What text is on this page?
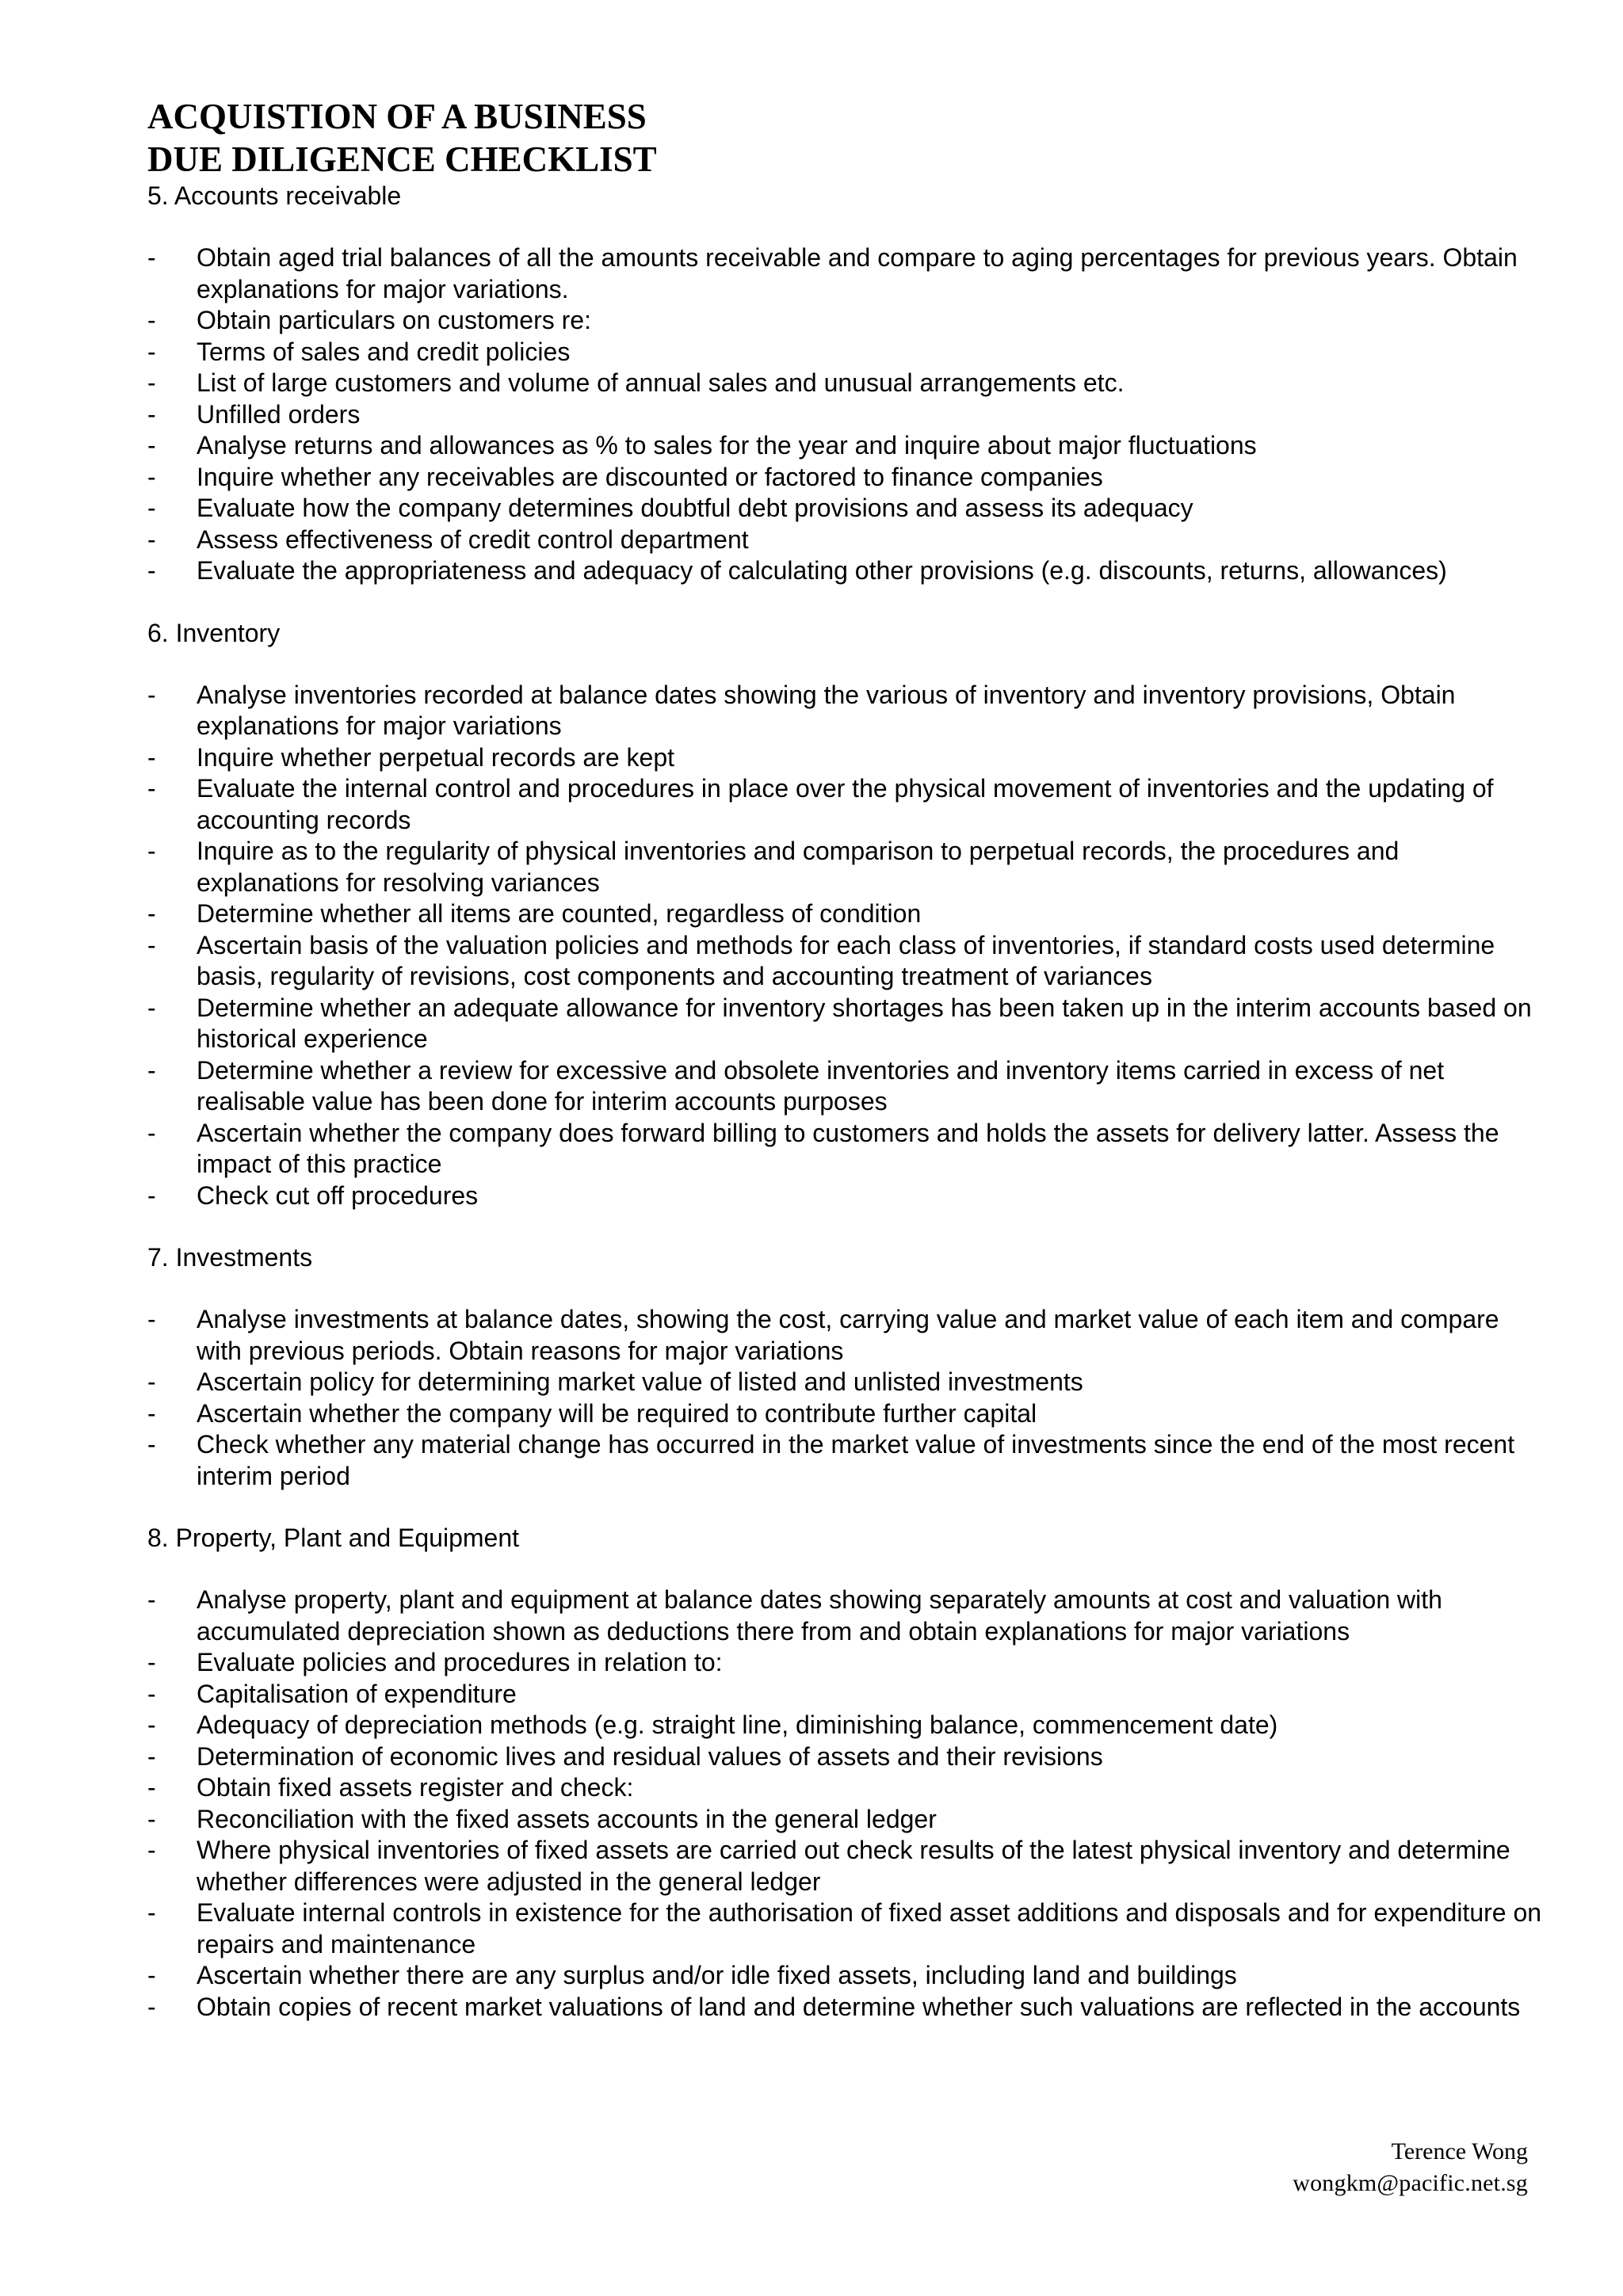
ACQUISTION OF A BUSINESS
DUE DILIGENCE CHECKLIST

5. Accounts receivable

- Obtain aged trial balances of all the amounts receivable and compare to aging percentages for previous years. Obtain explanations for major variations.
- Obtain particulars on customers re:
- Terms of sales and credit policies
- List of large customers and volume of annual sales and unusual arrangements etc.
- Unfilled orders
- Analyse returns and allowances as % to sales for the year and inquire about major fluctuations
- Inquire whether any receivables are discounted or factored to finance companies
- Evaluate how the company determines doubtful debt provisions and assess its adequacy
- Assess effectiveness of credit control department
- Evaluate the appropriateness and adequacy of calculating other provisions (e.g. discounts, returns, allowances)

6. Inventory

- Analyse inventories recorded at balance dates showing the various of inventory and inventory provisions, Obtain explanations for major variations
- Inquire whether perpetual records are kept
- Evaluate the internal control and procedures in place over the physical movement of inventories and the updating of accounting records
- Inquire as to the regularity of physical inventories and comparison to perpetual records, the procedures and explanations for resolving variances
- Determine whether all items are counted, regardless of condition
- Ascertain basis of the valuation policies and methods for each class of inventories, if standard costs used determine basis, regularity of revisions, cost components and accounting treatment of variances
- Determine whether an adequate allowance for inventory shortages has been taken up in the interim accounts based on historical experience
- Determine whether a review for excessive and obsolete inventories and inventory items carried in excess of net realisable value has been done for interim accounts purposes
- Ascertain whether the company does forward billing to customers and holds the assets for delivery latter. Assess the impact of this practice
- Check cut off procedures

7. Investments

- Analyse investments at balance dates, showing the cost, carrying value and market value of each item and compare with previous periods. Obtain reasons for major variations
- Ascertain policy for determining market value of listed and unlisted investments
- Ascertain whether the company will be required to contribute further capital
- Check whether any material change has occurred in the market value of investments since the end of the most recent interim period

8. Property, Plant and Equipment

- Analyse property, plant and equipment at balance dates showing separately amounts at cost and valuation with accumulated depreciation shown as deductions there from and obtain explanations for major variations
- Evaluate policies and procedures in relation to:
- Capitalisation of expenditure
- Adequacy of depreciation methods (e.g. straight line, diminishing balance, commencement date)
- Determination of economic lives and residual values of assets and their revisions
- Obtain fixed assets register and check:
- Reconciliation with the fixed assets accounts in the general ledger
- Where physical inventories of fixed assets are carried out check results of the latest physical inventory and determine whether differences were adjusted in the general ledger
- Evaluate internal controls in existence for the authorisation of fixed asset additions and disposals and for expenditure on repairs and maintenance
- Ascertain whether there are any surplus and/or idle fixed assets, including land and buildings
- Obtain copies of recent market valuations of land and determine whether such valuations are reflected in the accounts
Terence Wong
wongkm@pacific.net.sg
